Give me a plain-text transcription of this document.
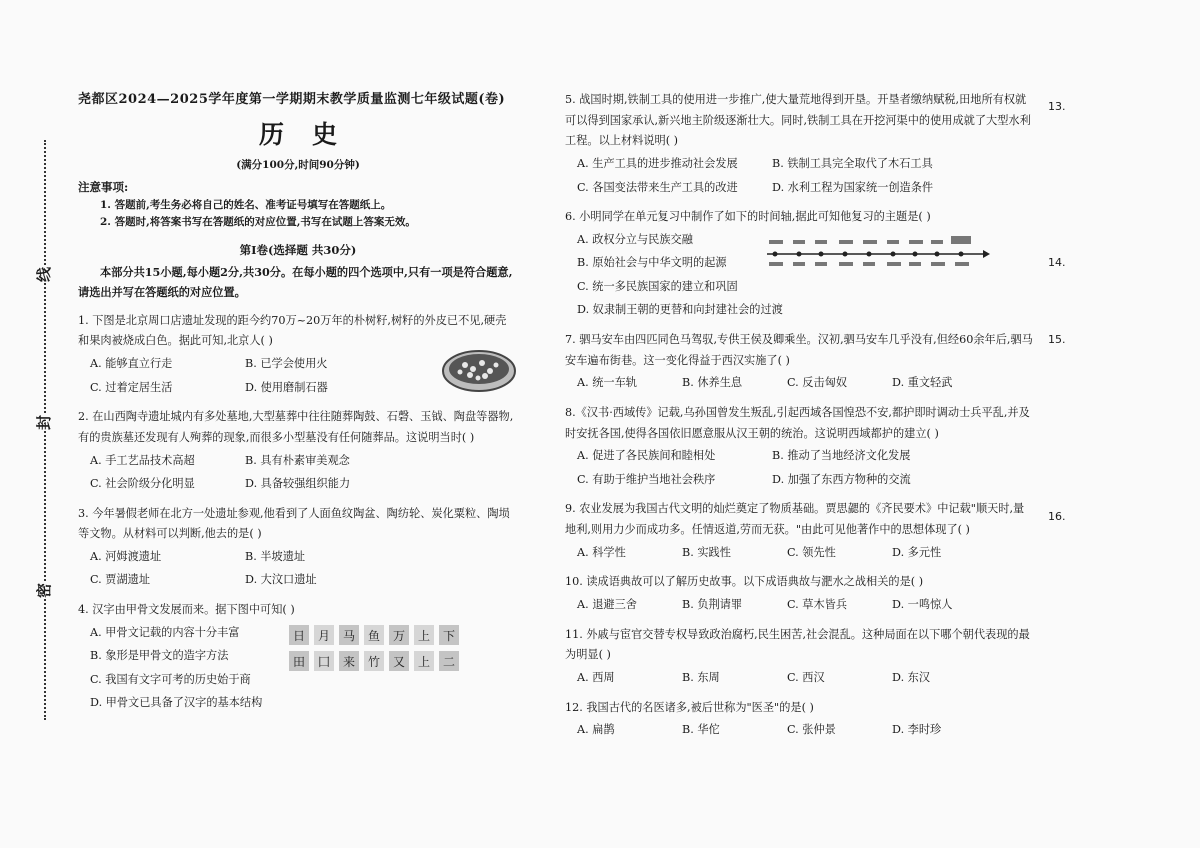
线
封
密
尧都区2024—2025学年度第一学期期末教学质量监测七年级试题(卷)
历史
(满分100分,时间90分钟)
注意事项:
1. 答题前,考生务必将自己的姓名、准考证号填写在答题纸上。
2. 答题时,将答案书写在答题纸的对应位置,书写在试题上答案无效。
第Ⅰ卷(选择题 共30分)
本部分共15小题,每小题2分,共30分。在每小题的四个选项中,只有一项是符合题意,请选出并写在答题纸的对应位置。
1. 下图是北京周口店遗址发现的距今约70万~20万年的朴树籽,树籽的外皮已不见,硬壳和果肉被烧成白色。据此可知,北京人( )
A. 能够直立行走	B. 已学会使用火
C. 过着定居生活	D. 使用磨制石器
2. 在山西陶寺遗址城内有多处墓地,大型墓葬中往往随葬陶鼓、石磬、玉钺、陶盘等器物,有的贵族墓还发现有人殉葬的现象,而很多小型墓没有任何随葬品。这说明当时( )
A. 手工艺品技术高超	B. 具有朴素审美观念
C. 社会阶级分化明显	D. 具备较强组织能力
3. 今年暑假老师在北方一处遗址参观,他看到了人面鱼纹陶盆、陶纺轮、炭化粟粒、陶埙等文物。从材料可以判断,他去的是( )
A. 河姆渡遗址	B. 半坡遗址
C. 贾湖遗址	D. 大汶口遗址
4. 汉字由甲骨文发展而来。据下图中可知( )
A. 甲骨文记载的内容十分丰富
B. 象形是甲骨文的造字方法
C. 我国有文字可考的历史始于商
D. 甲骨文已具备了汉字的基本结构
日 月 马 鱼 万 上 下
田 囗 来 竹 又 上 二
5. 战国时期,铁制工具的使用进一步推广,使大量荒地得到开垦。开垦者缴纳赋税,田地所有权就可以得到国家承认,新兴地主阶级逐渐壮大。同时,铁制工具在开挖河渠中的使用成就了大型水利工程。以上材料说明( )
A. 生产工具的进步推动社会发展	B. 铁制工具完全取代了木石工具
C. 各国变法带来生产工具的改进	D. 水利工程为国家统一创造条件
6. 小明同学在单元复习中制作了如下的时间轴,据此可知他复习的主题是( )
A. 政权分立与民族交融
B. 原始社会与中华文明的起源
C. 统一多民族国家的建立和巩固
D. 奴隶制王朝的更替和向封建社会的过渡
7. 驷马安车由四匹同色马驾驭,专供王侯及卿乘坐。汉初,驷马安车几乎没有,但经60余年后,驷马安车遍布街巷。这一变化得益于西汉实施了( )
A. 统一车轨	B. 休养生息	C. 反击匈奴	D. 重文轻武
8.《汉书·西域传》记载,乌孙国曾发生叛乱,引起西域各国惶恐不安,都护即时调动士兵平乱,并及时安抚各国,使得各国依旧愿意服从汉王朝的统治。这说明西域都护的建立( )
A. 促进了各民族间和睦相处	B. 推动了当地经济文化发展
C. 有助于维护当地社会秩序	D. 加强了东西方物种的交流
9. 农业发展为我国古代文明的灿烂奠定了物质基础。贾思勰的《齐民要术》中记载"顺天时,量地利,则用力少而成功多。任情返道,劳而无获。"由此可见他著作中的思想体现了( )
A. 科学性	B. 实践性	C. 领先性	D. 多元性
10. 读成语典故可以了解历史故事。以下成语典故与淝水之战相关的是( )
A. 退避三舍	B. 负荆请罪	C. 草木皆兵	D. 一鸣惊人
11. 外戚与宦官交替专权导致政治腐朽,民生困苦,社会混乱。这种局面在以下哪个朝代表现的最为明显( )
A. 西周	B. 东周	C. 西汉	D. 东汉
12. 我国古代的名医诸多,被后世称为"医圣"的是( )
A. 扁鹊	B. 华佗	C. 张仲景	D. 李时珍
13.
14.
15.
16.
